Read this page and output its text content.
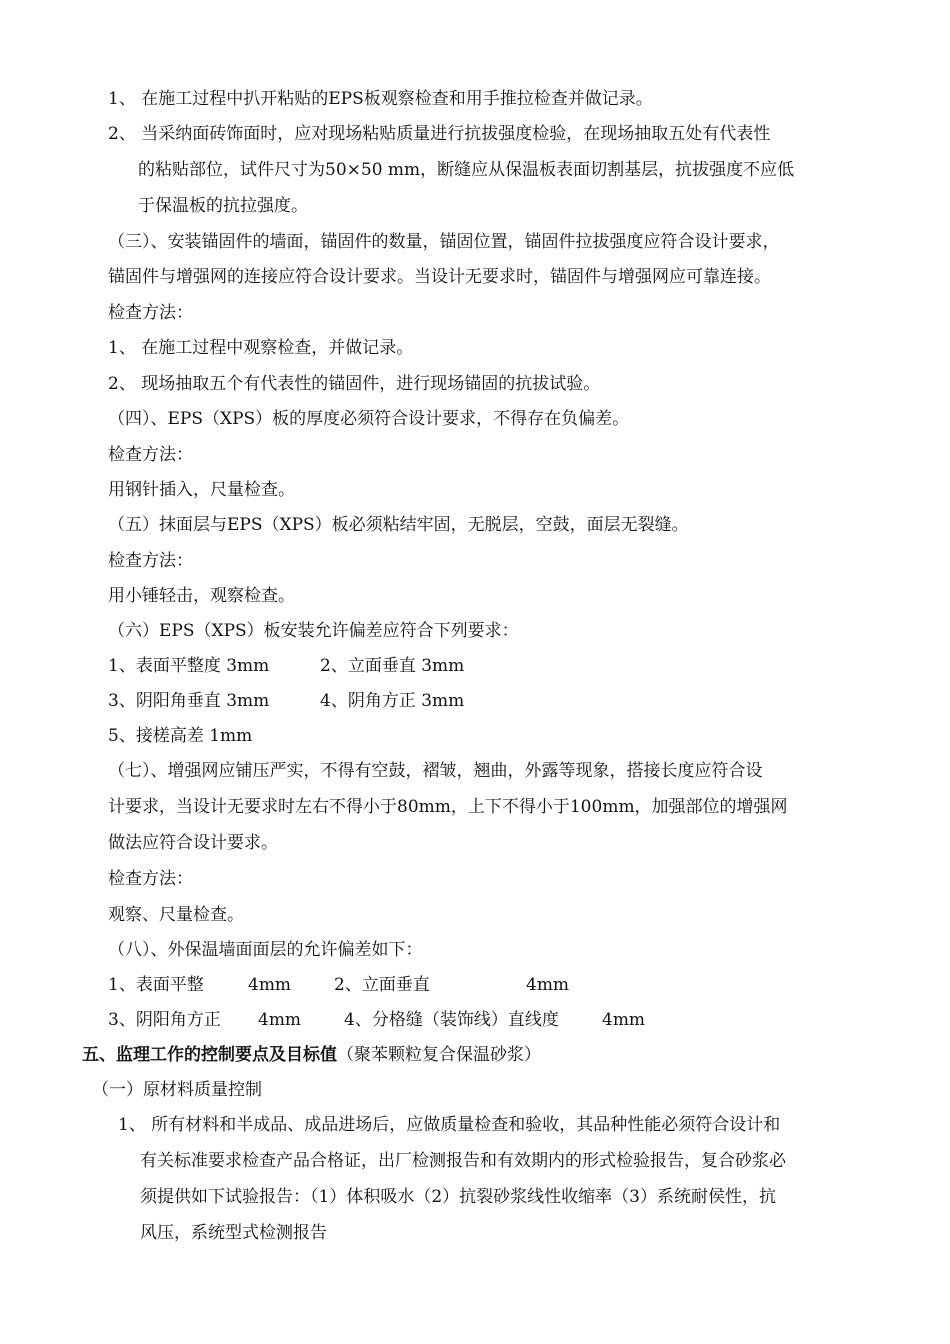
1、 在施工过程中扒开粘贴的EPS板观察检查和用手推拉检查并做记录。
2、 当采纳面砖饰面时，应对现场粘贴质量进行抗拔强度检验，在现场抽取五处有代表性
的粘贴部位，试件尺寸为50×50 mm，断缝应从保温板表面切割基层，抗拔强度不应低
于保温板的抗拉强度。
（三）、安装锚固件的墙面，锚固件的数量，锚固位置，锚固件拉拔强度应符合设计要求，
锚固件与增强网的连接应符合设计要求。当设计无要求时，锚固件与增强网应可靠连接。
检查方法：
1、 在施工过程中观察检查，并做记录。
2、 现场抽取五个有代表性的锚固件，进行现场锚固的抗拔试验。
（四）、EPS（XPS）板的厚度必须符合设计要求，不得存在负偏差。
检查方法：
用钢针插入，尺量检查。
（五）抹面层与EPS（XPS）板必须粘结牢固，无脱层，空鼓，面层无裂缝。
检查方法：
用小锤轻击，观察检查。
（六）EPS（XPS）板安装允许偏差应符合下列要求：
1、表面平整度 3mm	2、立面垂直 3mm
3、阴阳角垂直 3mm	4、阴角方正 3mm
5、接槎高差 1mm
（七）、增强网应铺压严实，不得有空鼓，褶皱，翘曲，外露等现象，搭接长度应符合设
计要求，当设计无要求时左右不得小于80mm，上下不得小于100mm，加强部位的增强网
做法应符合设计要求。
检查方法：
观察、尺量检查。
（八）、外保温墙面面层的允许偏差如下：
1、表面平整	4mm	2、立面垂直	4mm
3、阴阳角方正 4mm	4、分格缝（装饰线）直线度	4mm
五、监理工作的控制要点及目标值（聚苯颗粒复合保温砂浆）
（一）原材料质量控制
1、 所有材料和半成品、成品进场后，应做质量检查和验收，其品种性能必须符合设计和
有关标准要求检查产品合格证，出厂检测报告和有效期内的形式检验报告，复合砂浆必
须提供如下试验报告：（1）体积吸水（2）抗裂砂浆线性收缩率（3）系统耐侯性，抗
风压，系统型式检测报告
